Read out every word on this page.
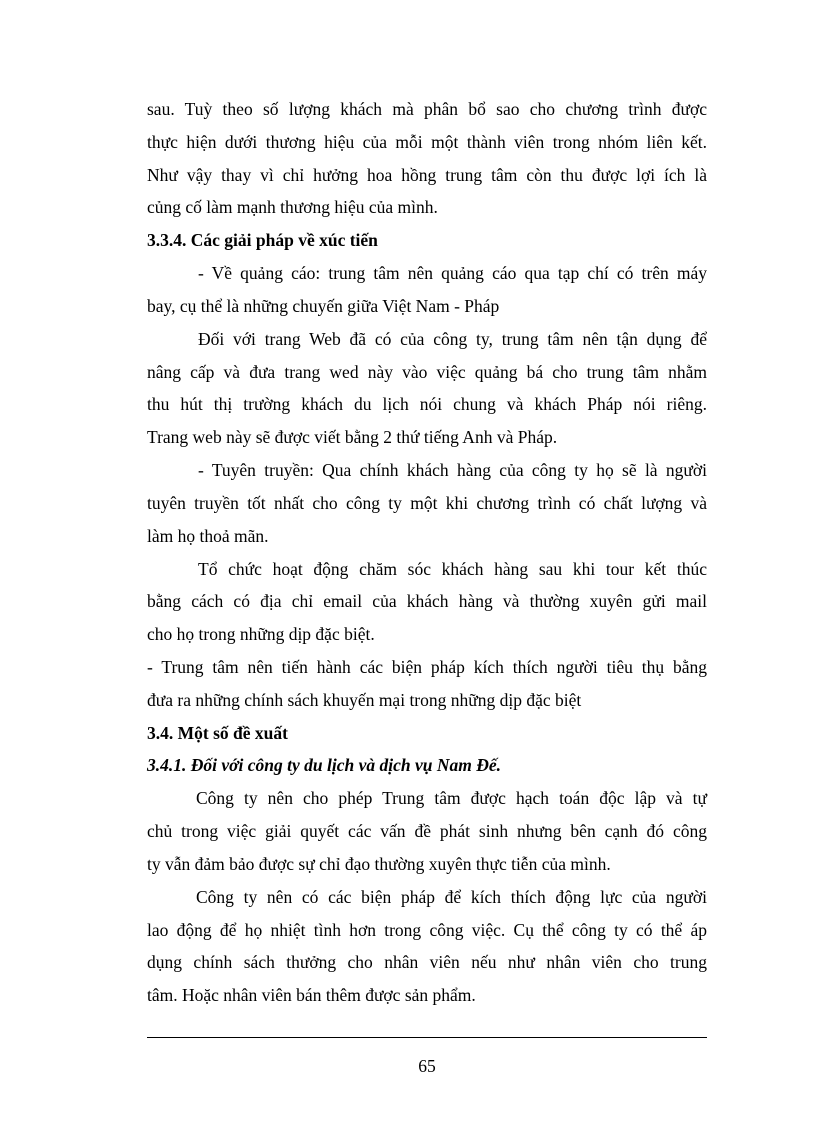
sau. Tuỳ theo số lượng khách mà phân bổ sao cho chương trình được
thực hiện dưới thương hiệu của mỗi một thành viên trong nhóm liên kết.
Như vậy thay vì chỉ hưởng hoa hồng trung tâm còn thu được lợi ích là
củng cố làm mạnh thương hiệu của mình.
3.3.4. Các giải pháp về xúc tiến
- Về quảng cáo: trung tâm nên quảng cáo qua tạp chí có trên máy
bay, cụ thể là những chuyến giữa Việt Nam - Pháp
Đối với trang Web đã có của công ty, trung tâm nên tận dụng để
nâng cấp và đưa trang wed này vào việc quảng bá cho trung tâm nhằm
thu hút thị trường khách du lịch nói chung và khách Pháp nói riêng.
Trang web này sẽ được viết bằng 2 thứ tiếng Anh và Pháp.
- Tuyên truyền: Qua chính khách hàng của công ty họ sẽ là người
tuyên truyền tốt nhất cho công ty một khi chương trình có chất lượng và
làm họ thoả mãn.
Tổ chức hoạt động chăm sóc khách hàng sau khi tour kết thúc
bằng cách có địa chỉ email của khách hàng và thường xuyên gửi mail
cho họ trong những dịp đặc biệt.
- Trung tâm nên tiến hành các biện pháp kích thích người tiêu thụ bằng
đưa ra những chính sách khuyến mại trong những dịp đặc biệt
3.4. Một số đề xuất
3.4.1. Đối với công ty du lịch và dịch vụ Nam Đế.
Công ty nên cho phép Trung tâm được hạch toán độc lập và tự
chủ trong việc giải quyết các vấn đề phát sinh nhưng bên cạnh đó công
ty vẫn đảm bảo được sự chỉ đạo thường xuyên thực tiễn của mình.
Công ty nên có các biện pháp để kích thích động lực của người
lao động để họ nhiệt tình hơn trong công việc. Cụ thể công ty có thể áp
dụng chính sách thưởng cho nhân viên nếu như nhân viên cho trung
tâm. Hoặc nhân viên bán thêm được sản phẩm.
65
